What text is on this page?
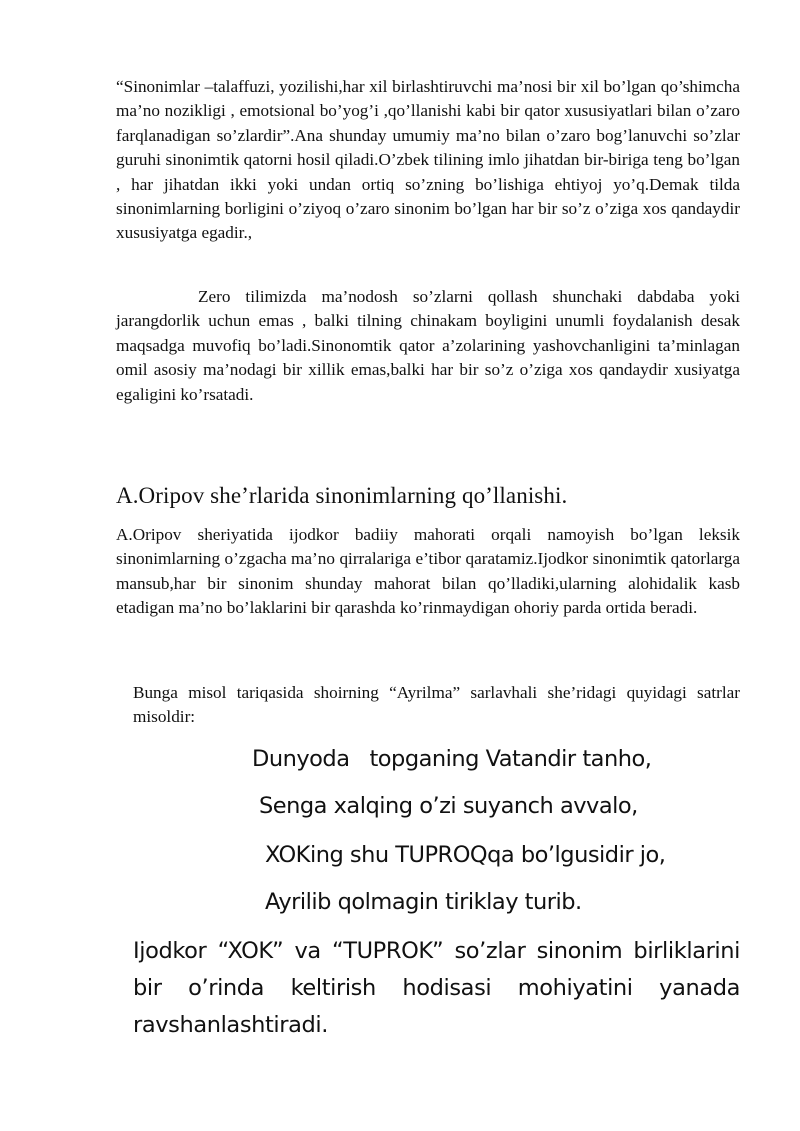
“Sinonimlar –talaffuzi, yozilishi,har xil birlashtiruvchi ma’nosi bir xil bo’lgan qo’shimcha ma’no nozikligi , emotsional bo’yog’i ,qo’llanishi kabi bir qator xususiyatlari bilan o’zaro farqlanadigan so’zlardir”.Ana shunday umumiy ma’no bilan o’zaro bog’lanuvchi so’zlar guruhi sinonimtik qatorni hosil qiladi.O’zbek tilining imlo jihatdan bir-biriga teng bo’lgan , har jihatdan ikki yoki undan ortiq so’zning bo’lishiga ehtiyoj yo’q.Demak tilda sinonimlarning borligini o’ziyoq o’zaro sinonim bo’lgan har bir so’z o’ziga xos qandaydir xususiyatga egadir.,

Zero tilimizda ma’nodosh so’zlarni qollash shunchaki dabdaba yoki jarangdorlik uchun emas , balki tilning chinakam boyligini unumli foydalanish desak maqsadga muvofiq bo’ladi.Sinonomtik qator a’zolarining yashovchanligini ta’minlagan omil asosiy ma’nodagi bir xillik emas,balki har bir so’z o’ziga xos qandaydir xusiyatga egaligini ko’rsatadi.

A.Oripov she’rlarida sinonimlarning qo’llanishi.

A.Oripov sheriyatida ijodkor badiiy mahorati orqali namoyish bo’lgan leksik sinonimlarning o’zgacha ma’no qirralariga e’tibor qaratamiz.Ijodkor sinonimtik qatorlarga mansub,har bir sinonim shunday mahorat bilan qo’lladiki,ularning alohidalik kasb etadigan ma’no bo’laklarini bir qarashda ko’rinmaydigan ohoriy parda ortida beradi.

Bunga misol tariqasida shoirning “Ayrilma” sarlavhali she’ridagi quyidagi satrlar misoldir:

Dunyoda   topganing Vatandir tanho,

Senga xalqing o’zi suyanch avvalo,

XOKing shu TUPROQqa bo’lgusidir jo,

Ayrilib qolmagin tiriklay turib.

Ijodkor “XOK” va “TUPROK” so’zlar sinonim birliklarini bir o’rinda keltirish hodisasi mohiyatini yanada ravshanlashtiradi.
